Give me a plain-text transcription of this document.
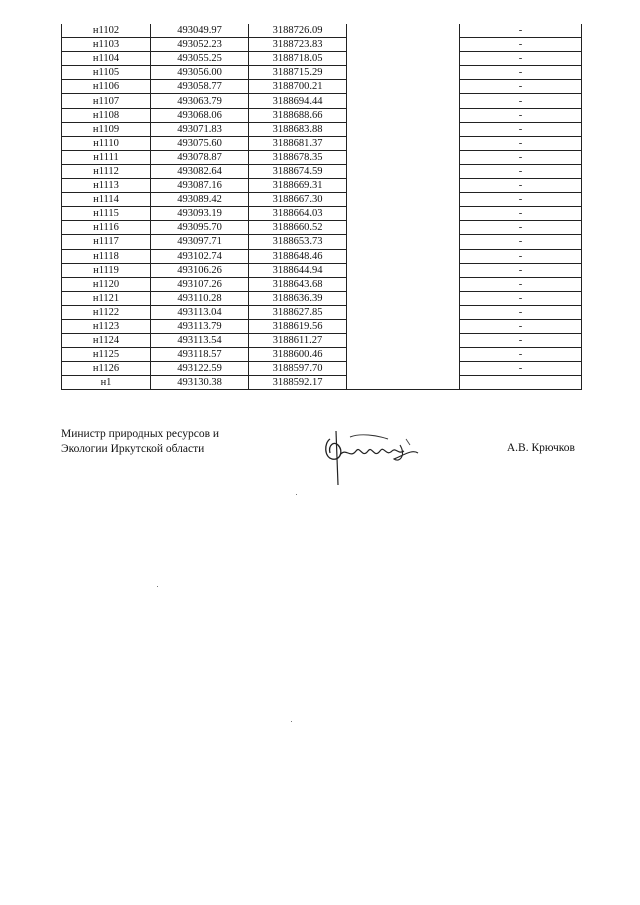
н1102	493049.97	3188726.09		-
н1103	493052.23	3188723.83		-
н1104	493055.25	3188718.05		-
н1105	493056.00	3188715.29		-
н1106	493058.77	3188700.21		-
н1107	493063.79	3188694.44		-
н1108	493068.06	3188688.66		-
н1109	493071.83	3188683.88		-
н1110	493075.60	3188681.37		-
н1111	493078.87	3188678.35		-
н1112	493082.64	3188674.59		-
н1113	493087.16	3188669.31		-
н1114	493089.42	3188667.30		-
н1115	493093.19	3188664.03		-
н1116	493095.70	3188660.52		-
н1117	493097.71	3188653.73		-
н1118	493102.74	3188648.46		-
н1119	493106.26	3188644.94		-
н1120	493107.26	3188643.68		-
н1121	493110.28	3188636.39		-
н1122	493113.04	3188627.85		-
н1123	493113.79	3188619.56		-
н1124	493113.54	3188611.27		-
н1125	493118.57	3188600.46		-
н1126	493122.59	3188597.70		-
н1	493130.38	3188592.17		
Министр природных ресурсов и
Экологии Иркутской области	А.В. Крючков
